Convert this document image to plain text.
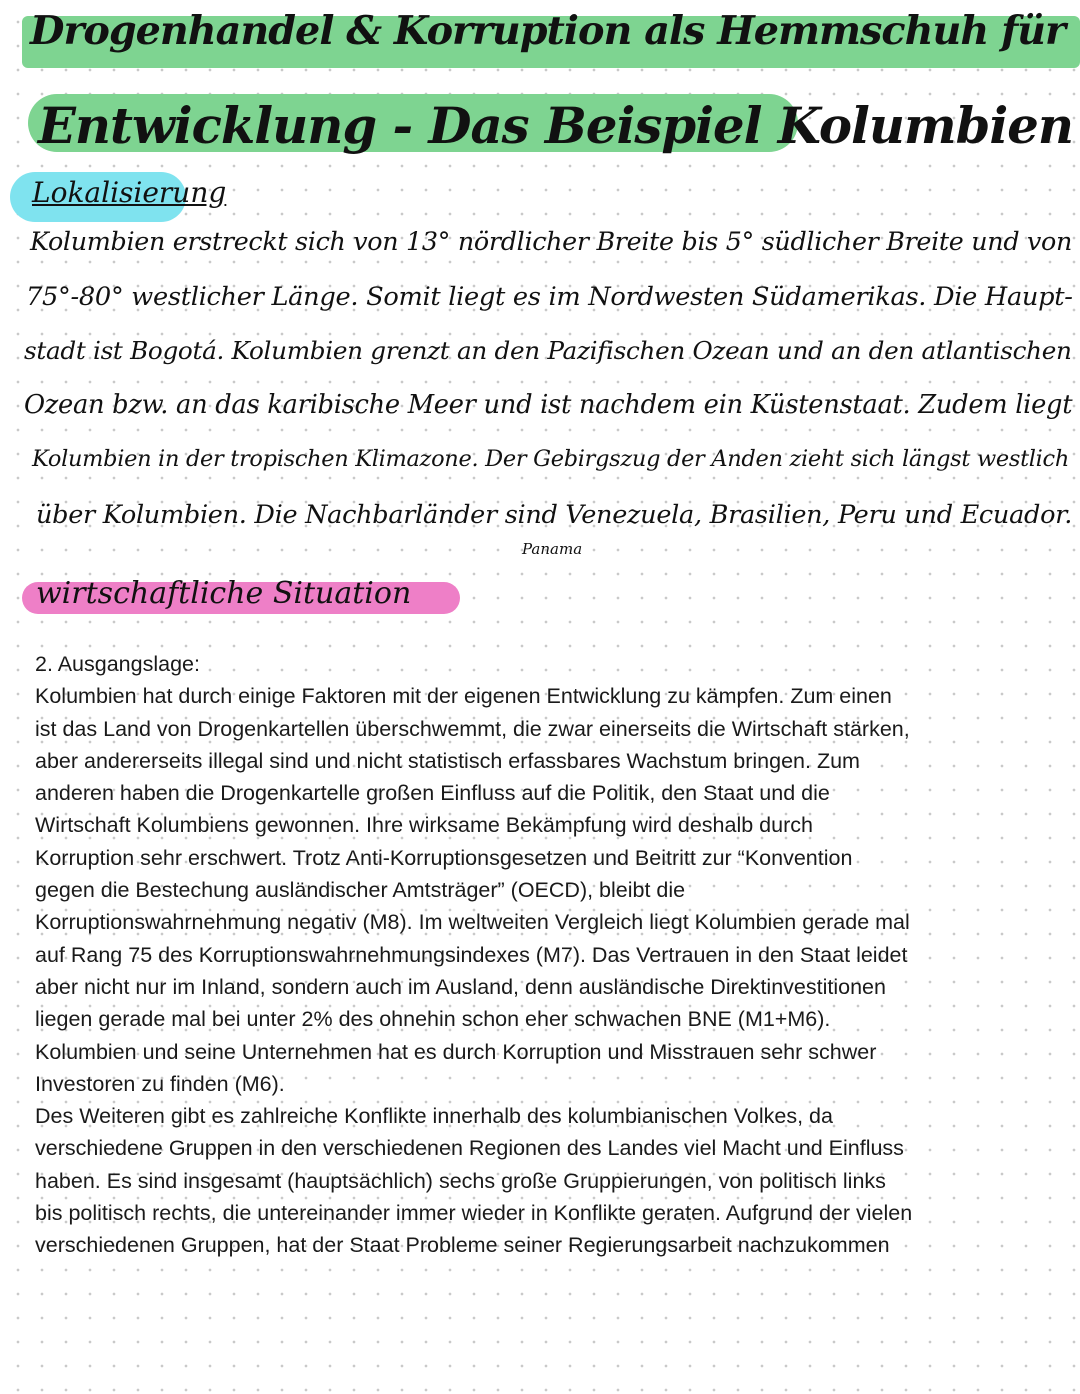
Drogenhandel & Korruption als Hemmschuh für
Entwicklung - Das Beispiel Kolumbien
Lokalisierung
Kolumbien erstreckt sich von 13° nördlicher Breite bis 5° südlicher Breite und von
75°-80° westlicher Länge. Somit liegt es im Nordwesten Südamerikas. Die Haupt-
stadt ist Bogotá. Kolumbien grenzt an den Pazifischen Ozean und an den atlantischen
Ozean bzw. an das karibische Meer und ist nachdem ein Küstenstaat. Zudem liegt
Kolumbien in der tropischen Klimazone. Der Gebirgszug der Anden zieht sich längst westlich
über Kolumbien. Die Nachbarländer sind Venezuela, Brasilien, Peru und Ecuador.
Panama
wirtschaftliche Situation

2. Ausgangslage:

Kolumbien hat durch einige Faktoren mit der eigenen Entwicklung zu kämpfen. Zum einen

ist das Land von Drogenkartellen überschwemmt, die zwar einerseits die Wirtschaft stärken,

aber andererseits illegal sind und nicht statistisch erfassbares Wachstum bringen. Zum

anderen haben die Drogenkartelle großen Einfluss auf die Politik, den Staat und die

Wirtschaft Kolumbiens gewonnen. Ihre wirksame Bekämpfung wird deshalb durch

Korruption sehr erschwert. Trotz Anti-Korruptionsgesetzen und Beitritt zur “Konvention

gegen die Bestechung ausländischer Amtsträger” (OECD), bleibt die

Korruptionswahrnehmung negativ (M8). Im weltweiten Vergleich liegt Kolumbien gerade mal

auf Rang 75 des Korruptionswahrnehmungsindexes (M7). Das Vertrauen in den Staat leidet

aber nicht nur im Inland, sondern auch im Ausland, denn ausländische Direktinvestitionen

liegen gerade mal bei unter 2% des ohnehin schon eher schwachen BNE (M1+M6).

Kolumbien und seine Unternehmen hat es durch Korruption und Misstrauen sehr schwer

Investoren zu finden (M6).

Des Weiteren gibt es zahlreiche Konflikte innerhalb des kolumbianischen Volkes, da

verschiedene Gruppen in den verschiedenen Regionen des Landes viel Macht und Einfluss

haben. Es sind insgesamt (hauptsächlich) sechs große Gruppierungen, von politisch links

bis politisch rechts, die untereinander immer wieder in Konflikte geraten. Aufgrund der vielen

verschiedenen Gruppen, hat der Staat Probleme seiner Regierungsarbeit nachzukommen
